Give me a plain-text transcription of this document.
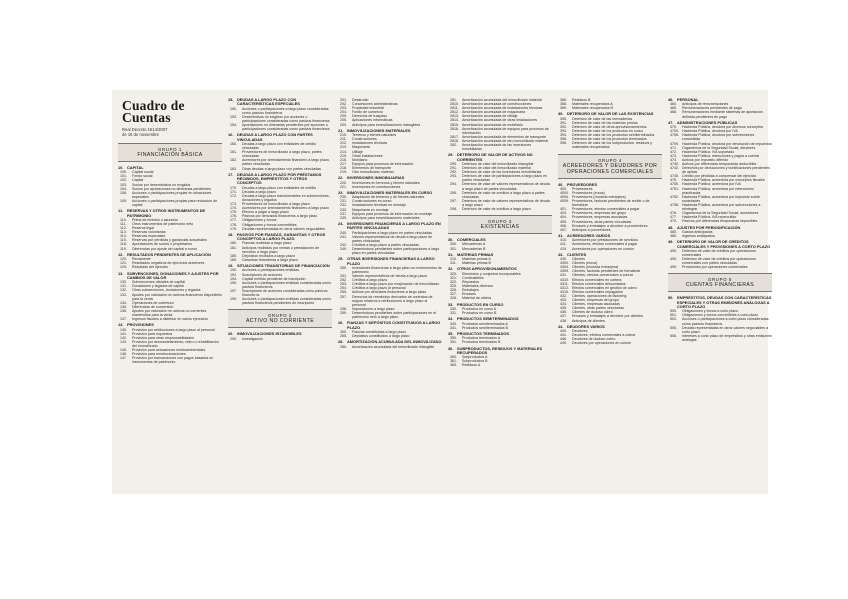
Cuadro de
Cuentas
Real Decreto 1514/2007
de 16 de noviembre
GRUPO 1
FINANCIACIÓN BÁSICA
10. CAPITAL
100.	Capital social
101.	Fondo social
102.	Capital
103.	Socios por desembolsos no exigidos
104.	Socios por aportaciones no dinerarias pendientes
108.	Acciones o participaciones propias en situaciones especiales
109.	Acciones o participaciones propias para reducción de capital
11. RESERVAS Y OTROS INSTRUMENTOS DE PATRIMONIO
110.	Prima de emisión o asunción
111.	Otros instrumentos de patrimonio neto
112.	Reserva legal
113.	Reservas voluntarias
114.	Reservas especiales
115.	Reservas por pérdidas y ganancias actuariales
118.	Aportaciones de socios o propietarios
119.	Diferencias por ajuste del capital a euros
12. RESULTADOS PENDIENTES DE APLICACIÓN
120.	Remanente
121.	Resultados negativos de ejercicios anteriores
129.	Resultado del ejercicio
13. SUBVENCIONES, DONACIONES Y AJUSTES POR CAMBIOS DE VALOR
130.	Subvenciones oficiales de capital
131.	Donaciones y legados de capital
132.	Otras subvenciones, donaciones y legados
133.	Ajustes por valoración en activos financieros disponibles para la venta
134.	Operaciones de cobertura
135.	Diferencias de conversión
136.	Ajustes por valoración en activos no corrientes mantenidos para la venta
137.	Ingresos fiscales a distribuir en varios ejercicios
14. PROVISIONES
140.	Provisión por retribuciones a largo plazo al personal
141.	Provisión para impuestos
142.	Provisión para otras responsabilidades
143.	Provisión por desmantelamiento, retiro o rehabilitación del inmovilizado
145.	Provisión para actuaciones medioambientales
146.	Provisión para reestructuraciones
147.	Provisión por transacciones con pagos basados en instrumentos de patrimonio
15. DEUDAS A LARGO PLAZO CON CARACTERÍSTICAS ESPECIALES
150.	Acciones o participaciones a largo plazo consideradas como pasivos financieros
153.	Desembolsos no exigidos por acciones o participaciones consideradas como pasivos financieros
154.	Aportaciones no dinerarias pendientes por acciones o participaciones consideradas como pasivos financieros
16. DEUDAS A LARGO PLAZO CON PARTES VINCULADAS
160.	Deudas a largo plazo con entidades de crédito vinculadas
161.	Proveedores de inmovilizado a largo plazo, partes vinculadas
162.	Acreedores por arrendamiento financiero a largo plazo, partes vinculadas
163.	Otras deudas a largo plazo con partes vinculadas
17. DEUDAS A LARGO PLAZO POR PRÉSTAMOS RECIBIDOS, EMPRÉSTITOS Y OTROS CONCEPTOS
170.	Deudas a largo plazo con entidades de crédito
171.	Deudas a largo plazo
172.	Deudas a largo plazo transformables en subvenciones, donaciones y legados
173.	Proveedores de inmovilizado a largo plazo
174.	Acreedores por arrendamiento financiero a largo plazo
175.	Efectos a pagar a largo plazo
176.	Pasivos por derivados financieros a largo plazo
177.	Obligaciones y bonos
178.	Obligaciones y bonos convertibles
179.	Deudas representadas en otros valores negociables
18. PASIVOS POR FIANZAS, GARANTÍAS Y OTROS CONCEPTOS A LARGO PLAZO
180.	Fianzas recibidas a largo plazo
181.	Anticipos recibidos por ventas o prestaciones de servicios a largo plazo
185.	Depósitos recibidos a largo plazo
189.	Garantías financieras a largo plazo
19. SITUACIONES TRANSITORIAS DE FINANCIACIÓN
190.	Acciones o participaciones emitidas
192.	Suscriptores de acciones
194.	Capital emitido pendiente de inscripción
195.	Acciones o participaciones emitidas consideradas como pasivos financieros
197.	Suscriptores de acciones consideradas como pasivos financieros
199.	Acciones o participaciones emitidas consideradas como pasivos financieros pendientes de inscripción
GRUPO 2
ACTIVO NO CORRIENTE
20. INMOVILIZACIONES INTANGIBLES
200.	Investigación
201.	Desarrollo
202.	Concesiones administrativas
203.	Propiedad industrial
204.	Fondo de comercio
205.	Derechos de traspaso
206.	Aplicaciones informáticas
209.	Anticipos para inmovilizaciones intangibles
21. INMOVILIZACIONES MATERIALES
210.	Terrenos y bienes naturales
211.	Construcciones
212.	Instalaciones técnicas
213.	Maquinaria
214.	Utillaje
215.	Otras instalaciones
216.	Mobiliario
217.	Equipos para procesos de información
218.	Elementos de transporte
219.	Otro inmovilizado material
22. INVERSIONES INMOBILIARIAS
220.	Inversiones en terrenos y bienes naturales
221.	Inversiones en construcciones
23. INMOVILIZACIONES MATERIALES EN CURSO
230.	Adaptación de terrenos y de bienes naturales
231.	Construcciones en curso
232.	Instalaciones técnicas en montaje
233.	Maquinaria en montaje
237.	Equipos para procesos de información en montaje
239.	Anticipos para inmovilizaciones materiales
24. INVERSIONES FINANCIERAS A LARGO PLAZO EN PARTES VINCULADAS
240.	Participaciones a largo plazo en partes vinculadas
241.	Valores representativos de deuda a largo plazo de partes vinculadas
242.	Créditos a largo plazo a partes vinculadas
249.	Desembolsos pendientes sobre participaciones a largo plazo en partes vinculadas
25. OTRAS INVERSIONES FINANCIERAS A LARGO PLAZO
250.	Inversiones financieras a largo plazo en instrumentos de patrimonio
251.	Valores representativos de deuda a largo plazo
252.	Créditos a largo plazo
253.	Créditos a largo plazo por enajenación de inmovilizado
254.	Créditos a largo plazo al personal
255.	Activos por derivados financieros a largo plazo
257.	Derechos de reembolso derivados de contratos de seguro relativos a retribuciones a largo plazo al personal
258.	Imposiciones a largo plazo
259.	Desembolsos pendientes sobre participaciones en el patrimonio neto a largo plazo
26. FIANZAS Y DEPÓSITOS CONSTITUIDOS A LARGO PLAZO
260.	Fianzas constituidas a largo plazo
265.	Depósitos constituidos a largo plazo
28. AMORTIZACIÓN ACUMULADA DEL INMOVILIZADO
280.	Amortización acumulada del inmovilizado intangible
281.	Amortización acumulada del inmovilizado material
2810. Amortización acumulada de construcciones
2811. Amortización acumulada de instalaciones técnicas
2812. Amortización acumulada de maquinaria
2813. Amortización acumulada de utillaje
2814. Amortización acumulada de otras instalaciones
2815. Amortización acumulada de mobiliario
2816. Amortización acumulada de equipos para procesos de información
2817. Amortización acumulada de elementos de transporte
2818. Amortización acumulada de otro inmovilizado material
282.	Amortización acumulada de las inversiones inmobiliarias
29. DETERIORO DE VALOR DE ACTIVOS NO CORRIENTES
290.	Deterioro de valor del inmovilizado intangible
291.	Deterioro de valor del inmovilizado material
292.	Deterioro de valor de las inversiones inmobiliarias
293.	Deterioro de valor de participaciones a largo plazo en partes vinculadas
294.	Deterioro de valor de valores representativos de deuda a largo plazo de partes vinculadas
295.	Deterioro de valor de créditos a largo plazo a partes vinculadas
297.	Deterioro de valor de valores representativos de deuda a largo plazo
298.	Deterioro de valor de créditos a largo plazo
GRUPO 3
EXISTENCIAS
30. COMERCIALES
300.	Mercaderías A
301.	Mercaderías B
31. MATERIAS PRIMAS
310.	Materias primas A
311.	Materias primas B
32. OTROS APROVISIONAMIENTOS
320.	Elementos y conjuntos incorporables
321.	Combustibles
322.	Repuestos
325.	Materiales diversos
326.	Embalajes
327.	Envases
328.	Material de oficina
33. PRODUCTOS EN CURSO
330.	Productos en curso A
331.	Productos en curso B
34. PRODUCTOS SEMITERMINADOS
340.	Productos semiterminados A
341.	Productos semiterminados B
35. PRODUCTOS TERMINADOS
350.	Productos terminados A
351.	Productos terminados B
36. SUBPRODUCTOS, RESIDUOS Y MATERIALES RECUPERADOS
360.	Subproductos A
361.	Subproductos B
365.	Residuos A
366.	Residuos B
368.	Materiales recuperados A
369.	Materiales recuperados B
39. DETERIORO DE VALOR DE LAS EXISTENCIAS
390.	Deterioro de valor de las mercaderías
391.	Deterioro de valor de las materias primas
392.	Deterioro de valor de otros aprovisionamientos
393.	Deterioro de valor de los productos en curso
394.	Deterioro de valor de los productos semiterminados
395.	Deterioro de valor de los productos terminados
396.	Deterioro de valor de los subproductos, residuos y materiales recuperados
GRUPO 4
ACREEDORES Y DEUDORES POR OPERACIONES COMERCIALES
40. PROVEEDORES
400.	Proveedores
4000. Proveedores (euros)
4004. Proveedores (moneda extranjera)
4009. Proveedores, facturas pendientes de recibir o de formalizar
401.	Proveedores, efectos comerciales a pagar
403.	Proveedores, empresas del grupo
404.	Proveedores, empresas asociadas
405.	Proveedores, otras partes vinculadas
406.	Envases y embalajes a devolver a proveedores
407.	Anticipos a proveedores
41. ACREEDORES VARIOS
410.	Acreedores por prestaciones de servicios
411.	Acreedores, efectos comerciales a pagar
419.	Acreedores por operaciones en común
43. CLIENTES
430.	Clientes
4300. Clientes (euros)
4304. Clientes (moneda extranjera)
4309. Clientes, facturas pendientes de formalizar
431.	Clientes, efectos comerciales a cobrar
4310. Efectos comerciales en cartera
4311. Efectos comerciales descontados
4312. Efectos comerciales en gestión de cobro
4315. Efectos comerciales impagados
432.	Clientes, operaciones de factoring
433.	Clientes, empresas del grupo
434.	Clientes, empresas asociadas
435.	Clientes, otras partes vinculadas
436.	Clientes de dudoso cobro
437.	Envases y embalajes a devolver por clientes
438.	Anticipos de clientes
44. DEUDORES VARIOS
440.	Deudores
441.	Deudores, efectos comerciales a cobrar
446.	Deudores de dudoso cobro
449.	Deudores por operaciones en común
46. PERSONAL
460.	Anticipos de remuneraciones
465.	Remuneraciones pendientes de pago
466.	Remuneraciones mediante sistemas de aportación definida pendientes de pago
47. ADMINISTRACIONES PÚBLICAS
470.	Hacienda Pública, deudora por diversos conceptos
4700. Hacienda Pública, deudora por IVA
4708. Hacienda Pública, deudora por subvenciones concedidas
4709. Hacienda Pública, deudora por devolución de impuestos
471.	Organismos de la Seguridad Social, deudores
472.	Hacienda Pública, IVA soportado
473.	Hacienda Pública, retenciones y pagos a cuenta
474.	Activos por impuesto diferido
4740. Activos por diferencias temporarias deducibles
4742. Derechos por deducciones y bonificaciones pendientes de aplicar
4745. Crédito por pérdidas a compensar del ejercicio
475.	Hacienda Pública, acreedora por conceptos fiscales
4750. Hacienda Pública, acreedora por IVA
4751. Hacienda Pública, acreedora por retenciones practicadas
4752. Hacienda Pública, acreedora por impuesto sobre sociedades
4758. Hacienda Pública, acreedora por subvenciones a reintegrar
476.	Organismos de la Seguridad Social, acreedores
477.	Hacienda Pública, IVA repercutido
479.	Pasivos por diferencias temporarias imponibles
48. AJUSTES POR PERIODIFICACIÓN
480.	Gastos anticipados
485.	Ingresos anticipados
49. DETERIORO DE VALOR DE CRÉDITOS COMERCIALES Y PROVISIONES A CORTO PLAZO
490.	Deterioro de valor de créditos por operaciones comerciales
493.	Deterioro de valor de créditos por operaciones comerciales con partes vinculadas
499.	Provisiones por operaciones comerciales
GRUPO 5
CUENTAS FINANCIERAS
50. EMPRÉSTITOS, DEUDAS CON CARACTERÍSTICAS ESPECIALES Y OTRAS EMISIONES ANÁLOGAS A CORTO PLAZO
500.	Obligaciones y bonos a corto plazo
501.	Obligaciones y bonos convertibles a corto plazo
502.	Acciones o participaciones a corto plazo consideradas como pasivos financieros
505.	Deudas representadas en otros valores negociables a corto plazo
506.	Intereses a corto plazo de empréstitos y otras emisiones análogas
